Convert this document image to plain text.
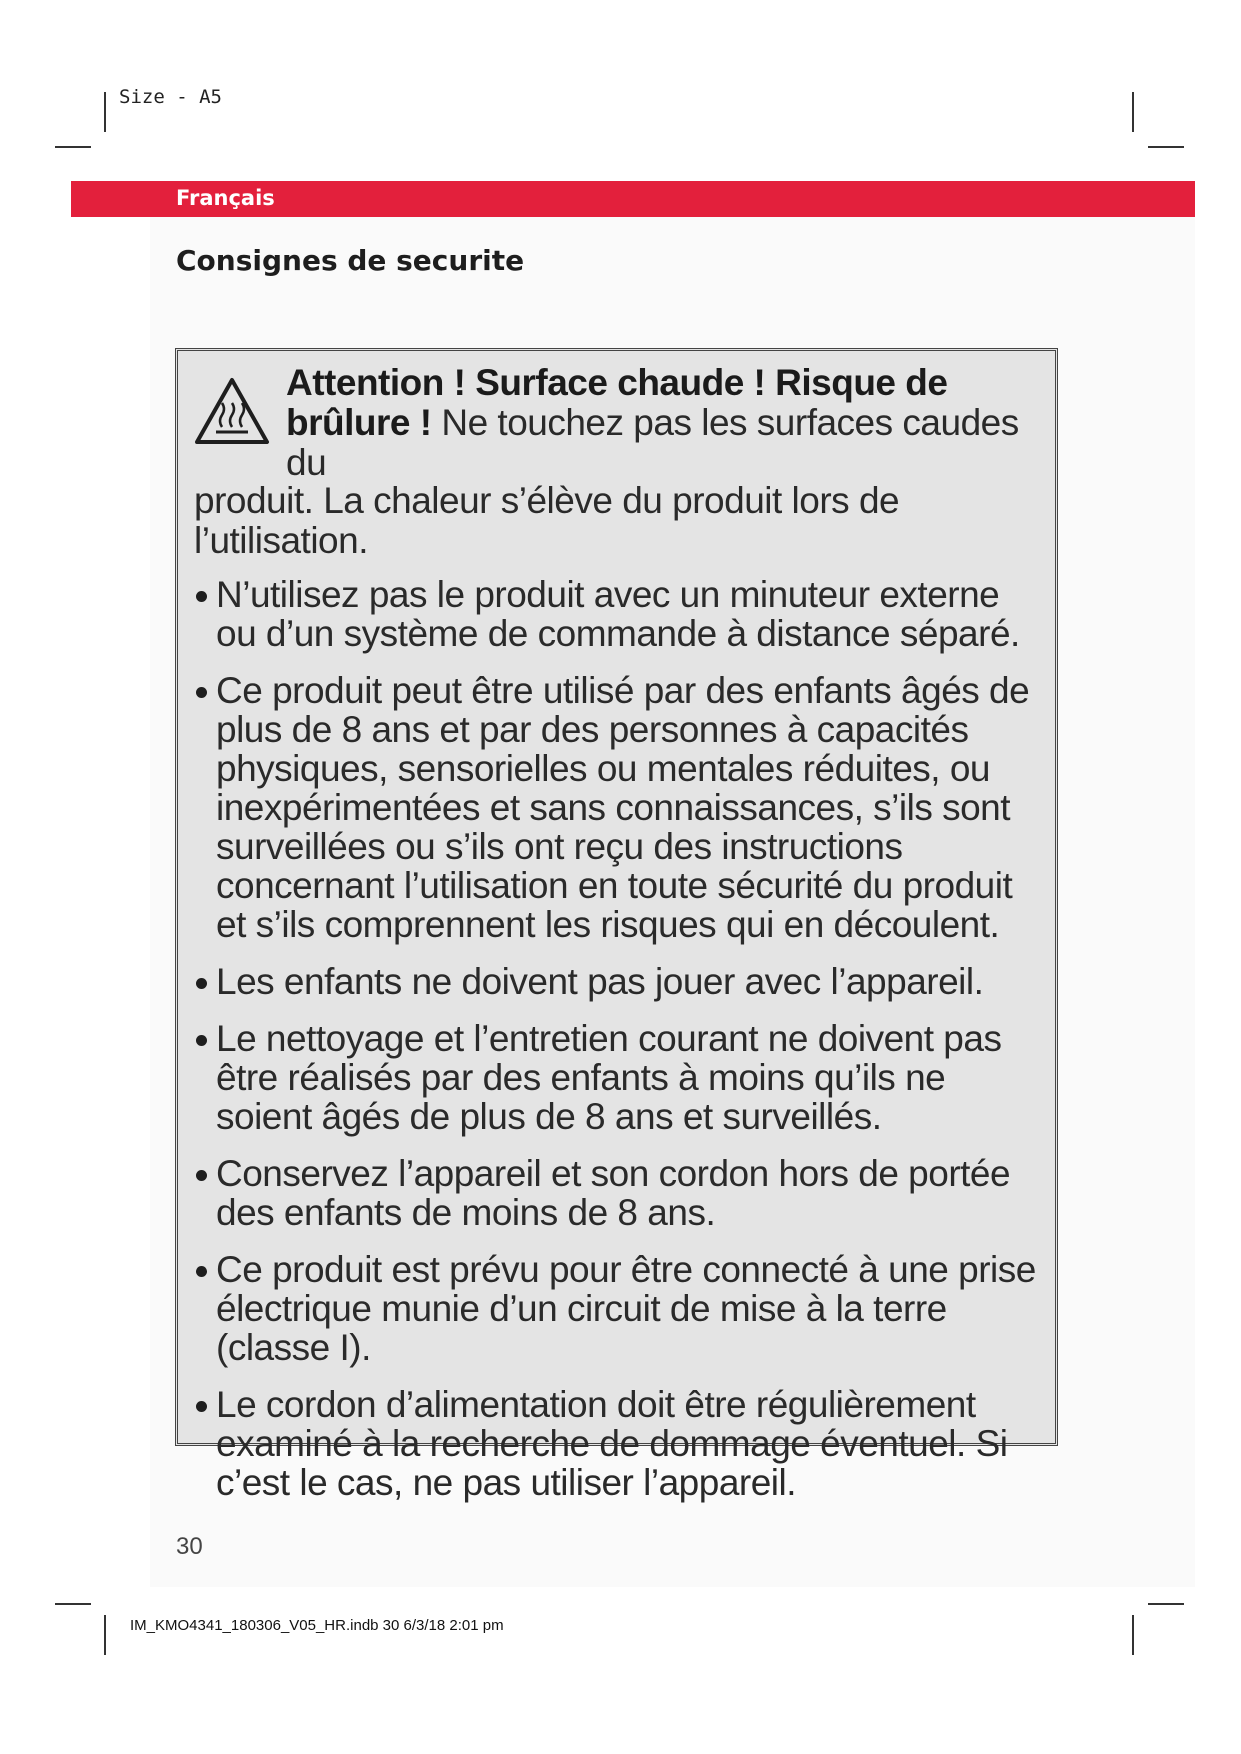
Size - A5
Français
Consignes de securite

Attention ! Surface chaude ! Risque de
brûlure ! Ne touchez pas les surfaces caudes du

produit. La chaleur s’élève du produit lors de l’utilisation.

N’utilisez pas le produit avec un minuteur externe ou d’un système de commande à distance séparé.
Ce produit peut être utilisé par des enfants âgés de plus de 8 ans et par des personnes à capacités physiques, sensorielles ou mentales réduites, ou inexpérimentées et sans connaissances, s’ils sont surveillées ou s’ils ont reçu des instructions concernant l’utilisation en toute sécurité du produit et s’ils comprennent les risques qui en découlent.
Les enfants ne doivent pas jouer avec l’appareil.
Le nettoyage et l’entretien courant ne doivent pas être réalisés par des enfants à moins qu’ils ne soient âgés de plus de 8 ans et surveillés.
Conservez l’appareil et son cordon hors de portée des enfants de moins de 8 ans.
Ce produit est prévu pour être connecté à une prise électrique munie d’un circuit de mise à la terre (classe I).
Le cordon d’alimentation doit être régulièrement examiné à la recherche de dommage éventuel. Si c’est le cas, ne pas utiliser l’appareil.
30
IM_KMO4341_180306_V05_HR.indb 30 6/3/18 2:01 pm
